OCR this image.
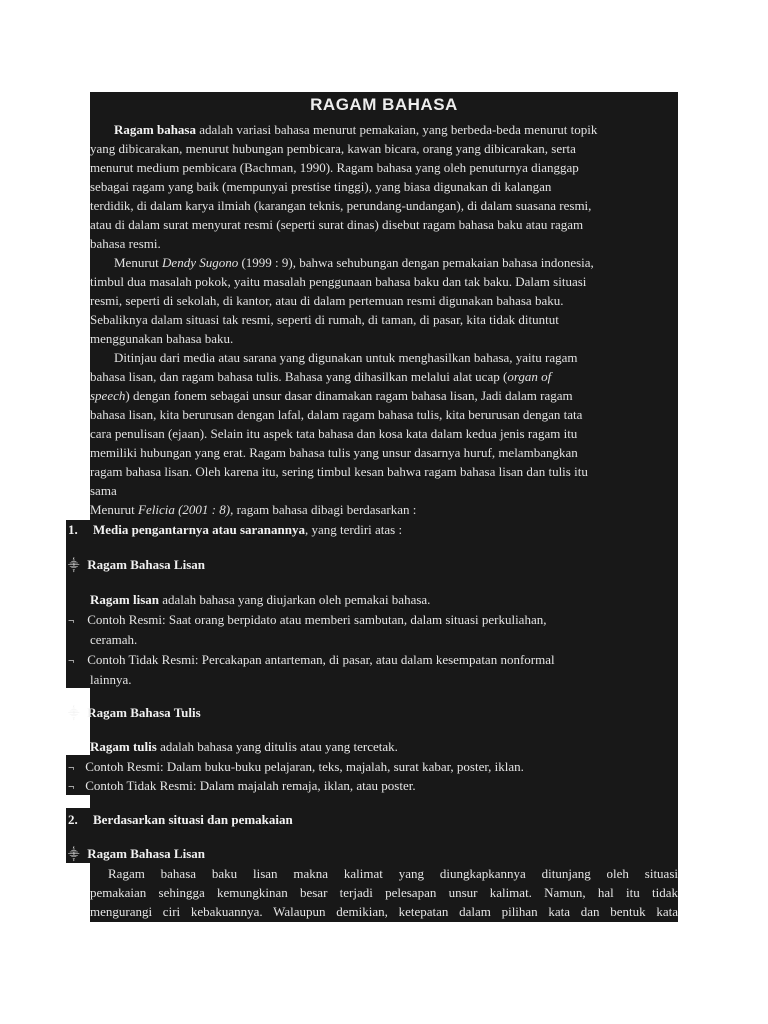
RAGAM BAHASA
Ragam bahasa adalah variasi bahasa menurut pemakaian, yang berbeda-beda menurut topik
yang dibicarakan, menurut hubungan pembicara, kawan bicara, orang yang dibicarakan, serta
menurut medium pembicara (Bachman, 1990). Ragam bahasa yang oleh penuturnya dianggap
sebagai ragam yang baik (mempunyai prestise tinggi), yang biasa digunakan di kalangan
terdidik, di dalam karya ilmiah (karangan teknis, perundang-undangan), di dalam suasana resmi,
atau di dalam surat menyurat resmi (seperti surat dinas) disebut ragam bahasa baku atau ragam
bahasa resmi.
Menurut Dendy Sugono (1999 : 9), bahwa sehubungan dengan pemakaian bahasa indonesia,
timbul dua masalah pokok, yaitu masalah penggunaan bahasa baku dan tak baku. Dalam situasi
resmi, seperti di sekolah, di kantor, atau di dalam pertemuan resmi digunakan bahasa baku.
Sebaliknya dalam situasi tak resmi, seperti di rumah, di taman, di pasar, kita tidak dituntut
menggunakan bahasa baku.
Ditinjau dari media atau sarana yang digunakan untuk menghasilkan bahasa, yaitu ragam
bahasa lisan, dan ragam bahasa tulis. Bahasa yang dihasilkan melalui alat ucap (organ of
speech) dengan fonem sebagai unsur dasar dinamakan ragam bahasa lisan, Jadi dalam ragam
bahasa lisan, kita berurusan dengan lafal, dalam ragam bahasa tulis, kita berurusan dengan tata
cara penulisan (ejaan). Selain itu aspek tata bahasa dan kosa kata dalam kedua jenis ragam itu
memiliki hubungan yang erat. Ragam bahasa tulis yang unsur dasarnya huruf, melambangkan
ragam bahasa lisan. Oleh karena itu, sering timbul kesan bahwa ragam bahasa lisan dan tulis itu
sama
Menurut Felicia (2001 : 8), ragam bahasa dibagi berdasarkan :
1. Media pengantarnya atau saranannya, yang terdiri atas :
⸎ Ragam Bahasa Lisan
Ragam lisan adalah bahasa yang diujarkan oleh pemakai bahasa.
¬ Contoh Resmi: Saat orang berpidato atau memberi sambutan, dalam situasi perkuliahan,
ceramah.
¬ Contoh Tidak Resmi: Percakapan antarteman, di pasar, atau dalam kesempatan nonformal
lainnya.
⸎ Ragam Bahasa Tulis
Ragam tulis adalah bahasa yang ditulis atau yang tercetak.
¬ Contoh Resmi: Dalam buku-buku pelajaran, teks, majalah, surat kabar, poster, iklan.
¬ Contoh Tidak Resmi: Dalam majalah remaja, iklan, atau poster.
2. Berdasarkan situasi dan pemakaian
⸎ Ragam Bahasa Lisan
Ragam bahasa baku lisan makna kalimat yang diungkapkannya ditunjang oleh situasi
pemakaian sehingga kemungkinan besar terjadi pelesapan unsur kalimat. Namun, hal itu tidak
mengurangi ciri kebakuannya. Walaupun demikian, ketepatan dalam pilihan kata dan bentuk kata
